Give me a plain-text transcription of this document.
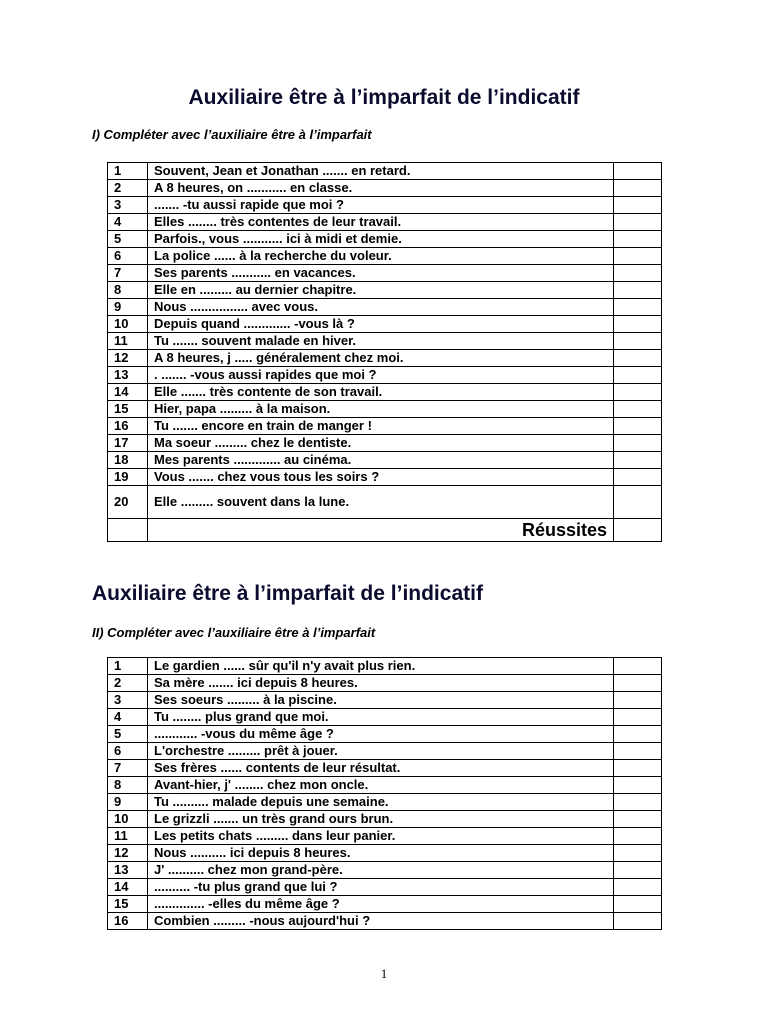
Auxiliaire être à l’imparfait de l’indicatif

I) Compléter avec l’auxiliaire être à l’imparfait

1	Souvent, Jean et Jonathan ....... en retard.	
2	A 8 heures, on ........... en classe.	
3	....... -tu aussi rapide que moi ?	
4	Elles ........ très contentes de leur travail.	
5	Parfois., vous ........... ici à midi et demie.	
6	La police ...... à la recherche du voleur.	
7	Ses parents ........... en vacances.	
8	Elle en ......... au dernier chapitre.	
9	Nous ................ avec vous.	
10	Depuis quand ............. -vous là ?	
11	Tu ....... souvent malade en hiver.	
12	A 8 heures, j ..... généralement chez moi.	
13	. ....... -vous aussi rapides que moi ?	
14	Elle ....... très contente de son travail.	
15	Hier, papa ......... à la maison.	
16	Tu ....... encore en train de manger !	
17	Ma soeur ......... chez le dentiste.	
18	Mes parents ............. au cinéma.	
19	Vous ....... chez vous tous les soirs ?	
20	Elle ......... souvent dans la lune.	
	Réussites	
Auxiliaire être à l’imparfait de l’indicatif

II) Compléter avec l’auxiliaire être à l’imparfait

1	Le gardien ...... sûr qu'il n'y avait plus rien.	
2	Sa mère ....... ici depuis 8 heures.	
3	Ses soeurs ......... à la piscine.	
4	Tu ........ plus grand que moi.	
5	............ -vous du même âge ?	
6	L'orchestre ......... prêt à jouer.	
7	Ses frères ...... contents de leur résultat.	
8	Avant-hier, j' ........ chez mon oncle.	
9	Tu .......... malade depuis une semaine.	
10	Le grizzli ....... un très grand ours brun.	
11	Les petits chats ......... dans leur panier.	
12	Nous .......... ici depuis 8 heures.	
13	J' .......... chez mon grand-père.	
14	.......... -tu plus grand que lui ?	
15	.............. -elles du même âge ?	
16	Combien ......... -nous aujourd'hui ?	
1
